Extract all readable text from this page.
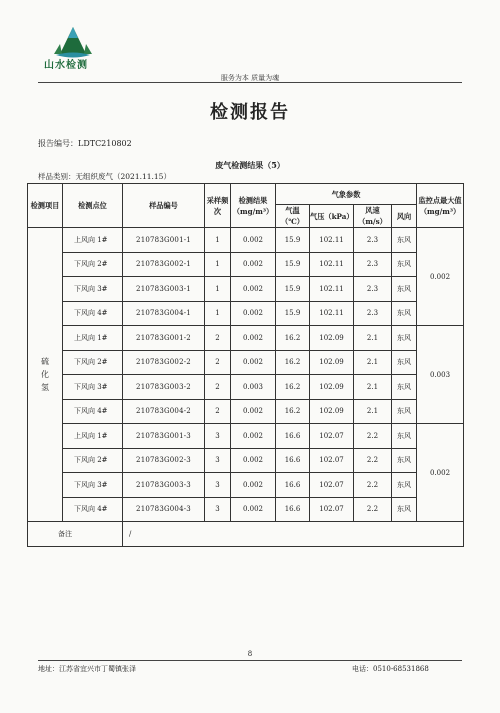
山水检测
服务为本 质量为魂
检测报告
报告编号：LDTC210802
废气检测结果（5）
样品类别：无组织废气（2021.11.15）
检测项目	检测点位	样品编号	采样频次	检测结果（mg/m³）	气象参数				监控点最大值（mg/m³）
					气温（℃）	气压（kPa）	风速（m/s）	风向	

硫
化
氢	上风向 1#	210783G001-1	1	0.002	15.9	102.11	2.3	东风	0.002
	下风向 2#	210783G002-1	1	0.002	15.9	102.11	2.3	东风	
	下风向 3#	210783G003-1	1	0.002	15.9	102.11	2.3	东风	
	下风向 4#	210783G004-1	1	0.002	15.9	102.11	2.3	东风	
	上风向 1#	210783G001-2	2	0.002	16.2	102.09	2.1	东风	0.003
	下风向 2#	210783G002-2	2	0.002	16.2	102.09	2.1	东风	
	下风向 3#	210783G003-2	2	0.003	16.2	102.09	2.1	东风	
	下风向 4#	210783G004-2	2	0.002	16.2	102.09	2.1	东风	
	上风向 1#	210783G001-3	3	0.002	16.6	102.07	2.2	东风	0.002
	下风向 2#	210783G002-3	3	0.002	16.6	102.07	2.2	东风	
	下风向 3#	210783G003-3	3	0.002	16.6	102.07	2.2	东风	
	下风向 4#	210783G004-3	3	0.002	16.6	102.07	2.2	东风	
备注		/							
8
地址：江苏省宜兴市丁蜀镇张泽	电话：0510-68531868
